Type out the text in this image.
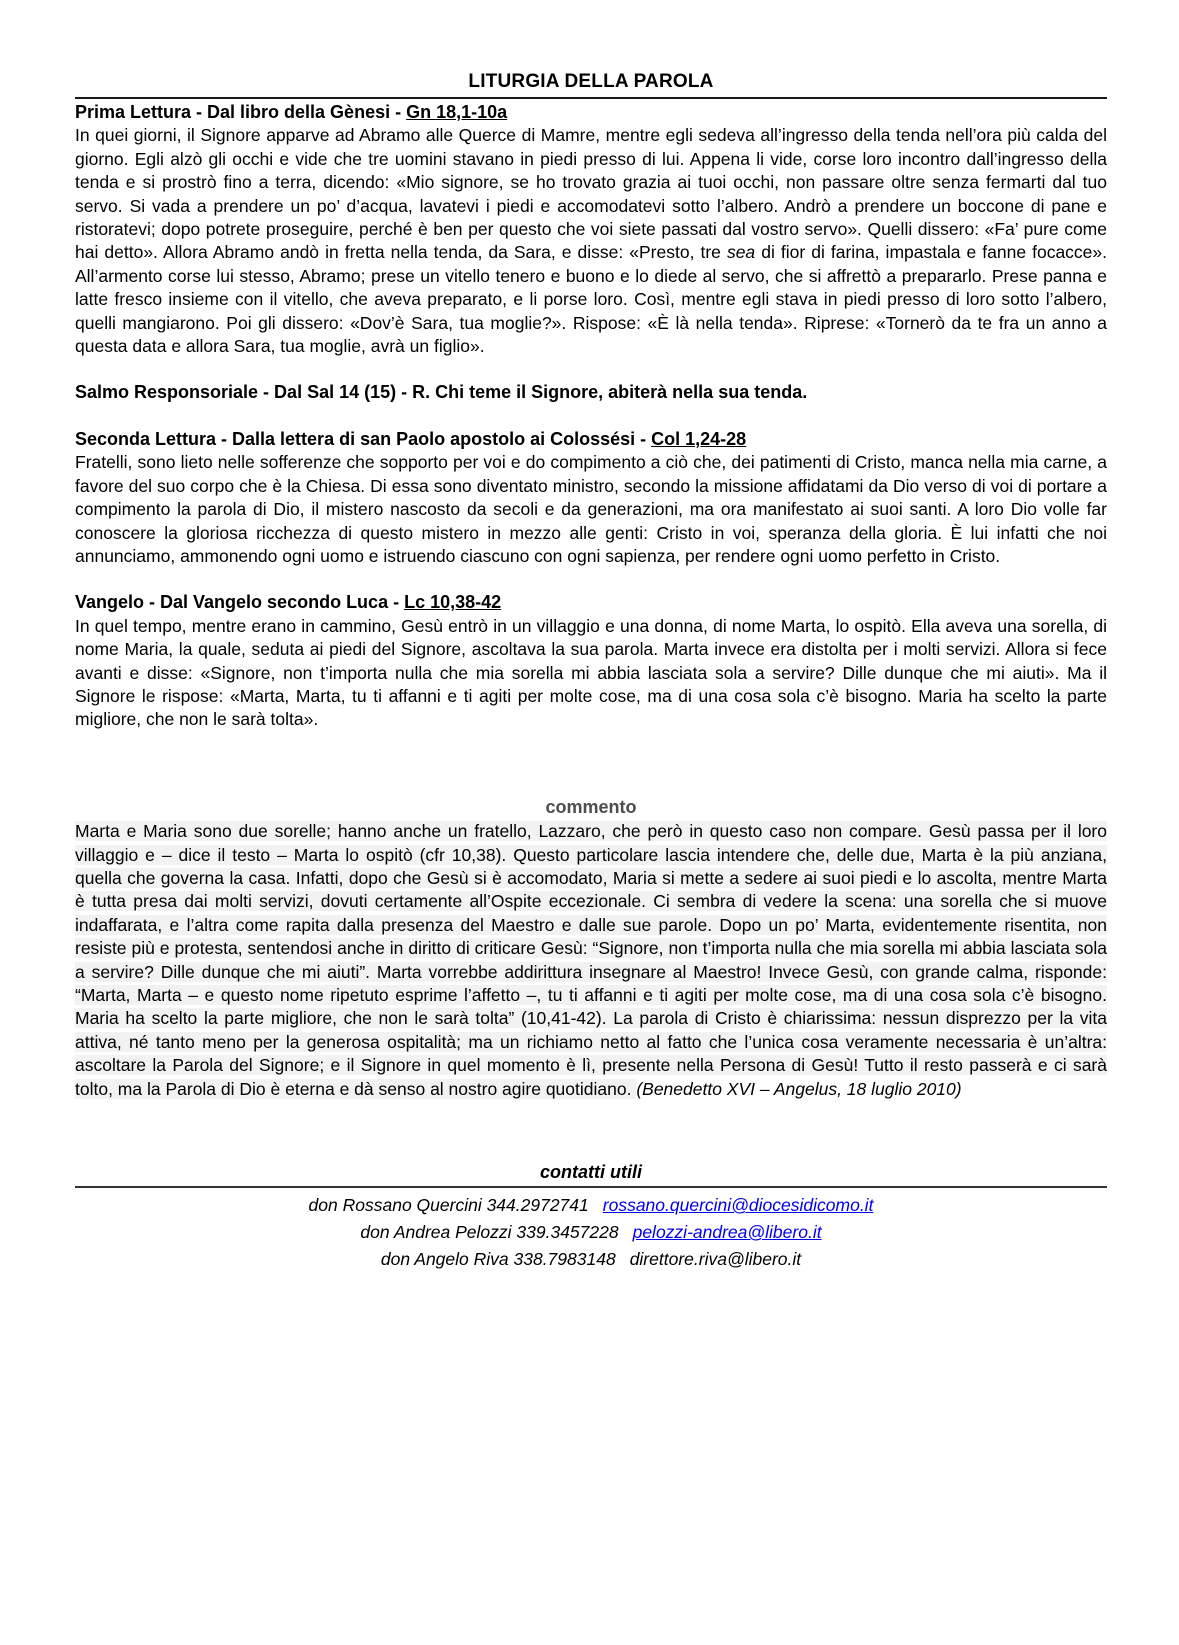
LITURGIA DELLA PAROLA

Prima Lettura - Dal libro della Gènesi - Gn 18,1-10a

In quei giorni, il Signore apparve ad Abramo alle Querce di Mamre, mentre egli sedeva all’ingresso della tenda nell’ora più calda del giorno. Egli alzò gli occhi e vide che tre uomini stavano in piedi presso di lui. Appena li vide, corse loro incontro dall’ingresso della tenda e si prostrò fino a terra, dicendo: «Mio signore, se ho trovato grazia ai tuoi occhi, non passare oltre senza fermarti dal tuo servo. Si vada a prendere un po’ d’acqua, lavatevi i piedi e accomodatevi sotto l’albero. Andrò a prendere un boccone di pane e ristoratevi; dopo potrete proseguire, perché è ben per questo che voi siete passati dal vostro servo». Quelli dissero: «Fa’ pure come hai detto». Allora Abramo andò in fretta nella tenda, da Sara, e disse: «Presto, tre sea di fior di farina, impastala e fanne focacce». All’armento corse lui stesso, Abramo; prese un vitello tenero e buono e lo diede al servo, che si affrettò a prepararlo. Prese panna e latte fresco insieme con il vitello, che aveva preparato, e li porse loro. Così, mentre egli stava in piedi presso di loro sotto l’albero, quelli mangiarono. Poi gli dissero: «Dov’è Sara, tua moglie?». Rispose: «È là nella tenda». Riprese: «Tornerò da te fra un anno a questa data e allora Sara, tua moglie, avrà un figlio».

Salmo Responsoriale - Dal Sal 14 (15) - R. Chi teme il Signore, abiterà nella sua tenda.

Seconda Lettura - Dalla lettera di san Paolo apostolo ai Colossési - Col 1,24-28

Fratelli, sono lieto nelle sofferenze che sopporto per voi e do compimento a ciò che, dei patimenti di Cristo, manca nella mia carne, a favore del suo corpo che è la Chiesa. Di essa sono diventato ministro, secondo la missione affidatami da Dio verso di voi di portare a compimento la parola di Dio, il mistero nascosto da secoli e da generazioni, ma ora manifestato ai suoi santi. A loro Dio volle far conoscere la gloriosa ricchezza di questo mistero in mezzo alle genti: Cristo in voi, speranza della gloria. È lui infatti che noi annunciamo, ammonendo ogni uomo e istruendo ciascuno con ogni sapienza, per rendere ogni uomo perfetto in Cristo.

Vangelo - Dal Vangelo secondo Luca - Lc 10,38-42

In quel tempo, mentre erano in cammino, Gesù entrò in un villaggio e una donna, di nome Marta, lo ospitò. Ella aveva una sorella, di nome Maria, la quale, seduta ai piedi del Signore, ascoltava la sua parola. Marta invece era distolta per i molti servizi. Allora si fece avanti e disse: «Signore, non t’importa nulla che mia sorella mi abbia lasciata sola a servire? Dille dunque che mi aiuti». Ma il Signore le rispose: «Marta, Marta, tu ti affanni e ti agiti per molte cose, ma di una cosa sola c’è bisogno. Maria ha scelto la parte migliore, che non le sarà tolta».

commento

Marta e Maria sono due sorelle; hanno anche un fratello, Lazzaro, che però in questo caso non compare. Gesù passa per il loro villaggio e – dice il testo – Marta lo ospitò (cfr 10,38). Questo particolare lascia intendere che, delle due, Marta è la più anziana, quella che governa la casa. Infatti, dopo che Gesù si è accomodato, Maria si mette a sedere ai suoi piedi e lo ascolta, mentre Marta è tutta presa dai molti servizi, dovuti certamente all’Ospite eccezionale. Ci sembra di vedere la scena: una sorella che si muove indaffarata, e l’altra come rapita dalla presenza del Maestro e dalle sue parole. Dopo un po’ Marta, evidentemente risentita, non resiste più e protesta, sentendosi anche in diritto di criticare Gesù: “Signore, non t’importa nulla che mia sorella mi abbia lasciata sola a servire? Dille dunque che mi aiuti”. Marta vorrebbe addirittura insegnare al Maestro! Invece Gesù, con grande calma, risponde: “Marta, Marta – e questo nome ripetuto esprime l’affetto –, tu ti affanni e ti agiti per molte cose, ma di una cosa sola c’è bisogno. Maria ha scelto la parte migliore, che non le sarà tolta” (10,41-42). La parola di Cristo è chiarissima: nessun disprezzo per la vita attiva, né tanto meno per la generosa ospitalità; ma un richiamo netto al fatto che l’unica cosa veramente necessaria è un’altra: ascoltare la Parola del Signore; e il Signore in quel momento è lì, presente nella Persona di Gesù! Tutto il resto passerà e ci sarà tolto, ma la Parola di Dio è eterna e dà senso al nostro agire quotidiano. (Benedetto XVI – Angelus, 18 luglio 2010)

contatti utili

don Rossano Quercini 344.2972741 rossano.quercini@diocesidicomo.it

don Andrea Pelozzi 339.3457228 pelozzi-andrea@libero.it

don Angelo Riva 338.7983148 direttore.riva@libero.it
